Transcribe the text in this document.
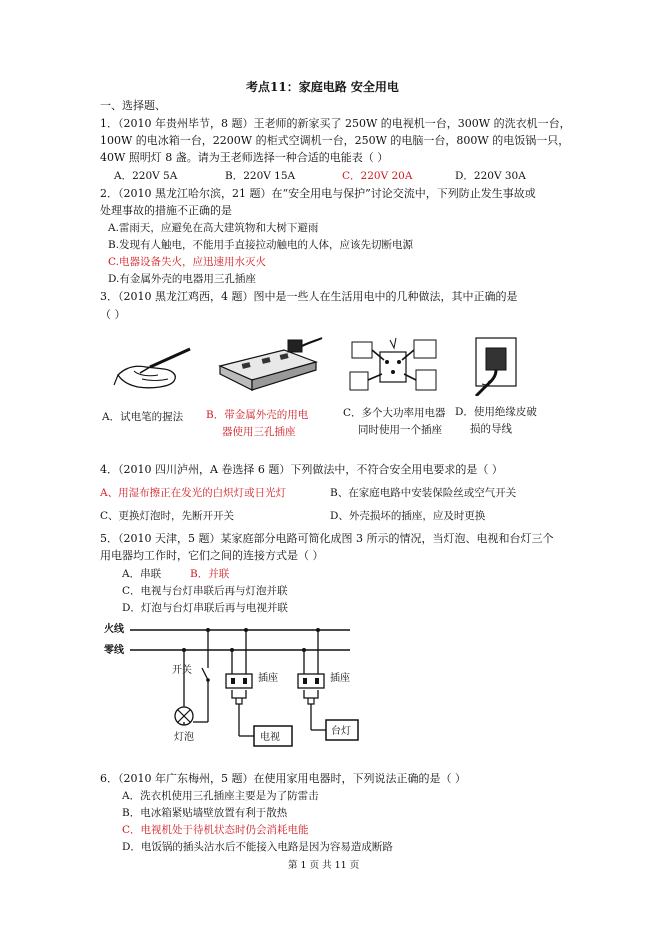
考点11：家庭电路 安全用电
一、选择题、
1．（2010 年贵州毕节，8 题）王老师的新家买了 250W 的电视机一台，300W 的洗衣机一台，
100W 的电冰箱一台，2200W 的柜式空调机一台，250W 的电脑一台，800W 的电饭锅一只，
40W 照明灯 8 盏。请为王老师选择一种合适的电能表（ ）
A．220V 5A	B．220V 15A	C．220V 20A	D．220V 30A
2．（2010 黑龙江哈尔滨，21 题）在“安全用电与保护”讨论交流中，下列防止发生事故或
处理事故的措施不正确的是
A.雷雨天，应避免在高大建筑物和大树下避雨
B.发现有人触电，不能用手直接拉动触电的人体，应该先切断电源
C.电器设备失火，应迅速用水灭火
D.有金属外壳的电器用三孔插座
3．（2010 黑龙江鸡西，4 题）图中是一些人在生活用电中的几种做法，其中正确的是
（ ）
A．试电笔的握法 B．带金属外壳的用电
器使用三孔插座
C．多个大功率用电器
同时使用一个插座
D．使用绝缘皮破
损的导线
4．（2010 四川泸州，A 卷选择 6 题）下列做法中，不符合安全用电要求的是（ ）
A、用湿布擦正在发光的白炽灯或日光灯	B、在家庭电路中安装保险丝或空气开关
C、更换灯泡时，先断开开关	D、外壳损坏的插座，应及时更换
5．（2010 天津，5 题）某家庭部分电路可简化成图 3 所示的情况，当灯泡、电视和台灯三个
用电器均工作时，它们之间的连接方式是（ ）
A．串联	B．并联
C．电视与台灯串联后再与灯泡并联
D．灯泡与台灯串联后再与电视并联
火线
零线
开关
插座	插座
灯泡	电视
台灯
6．（2010 年广东梅州，5 题）在使用家用电器时，下列说法正确的是（ ）
A．洗衣机使用三孔插座主要是为了防雷击
B．电冰箱紧贴墙壁放置有利于散热
C．电视机处于待机状态时仍会消耗电能
D．电饭锅的插头沾水后不能接入电路是因为容易造成断路
第 1 页 共 11 页
